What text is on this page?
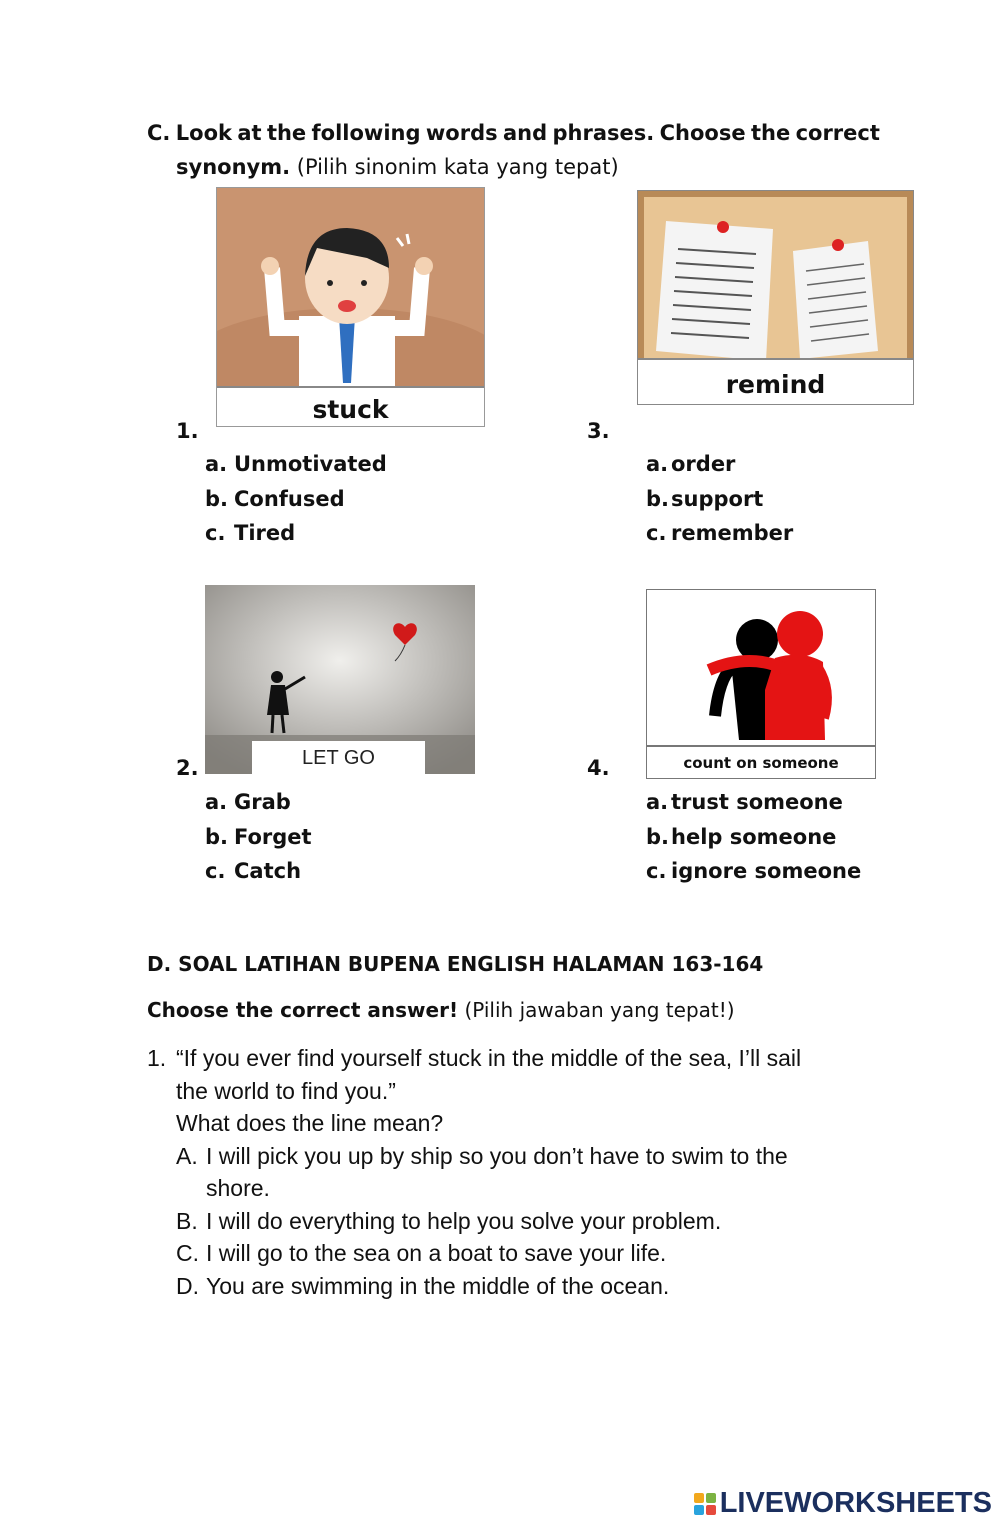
C. Look at the following words and phrases. Choose the correct
synonym. (Pilih sinonim kata yang tepat)
stuck
1.
a. Unmotivated
b. Confused
c. Tired
remind
3.
a. order
b.support
c. remember
LET GO
2.
a. Grab
b. Forget
c. Catch
count on someone
4.
a. trust someone
b.help someone
c. ignore someone
D. SOAL LATIHAN BUPENA ENGLISH HALAMAN 163-164
Choose the correct answer! (Pilih jawaban yang tepat!)
1. “If you ever find yourself stuck in the middle of the sea, I’ll sail
the world to find you.”
What does the line mean?
A. I will pick you up by ship so you don’t have to swim to the
shore.
B. I will do everything to help you solve your problem.
C. I will go to the sea on a boat to save your life.
D. You are swimming in the middle of the ocean.
LIVEWORKSHEETS
